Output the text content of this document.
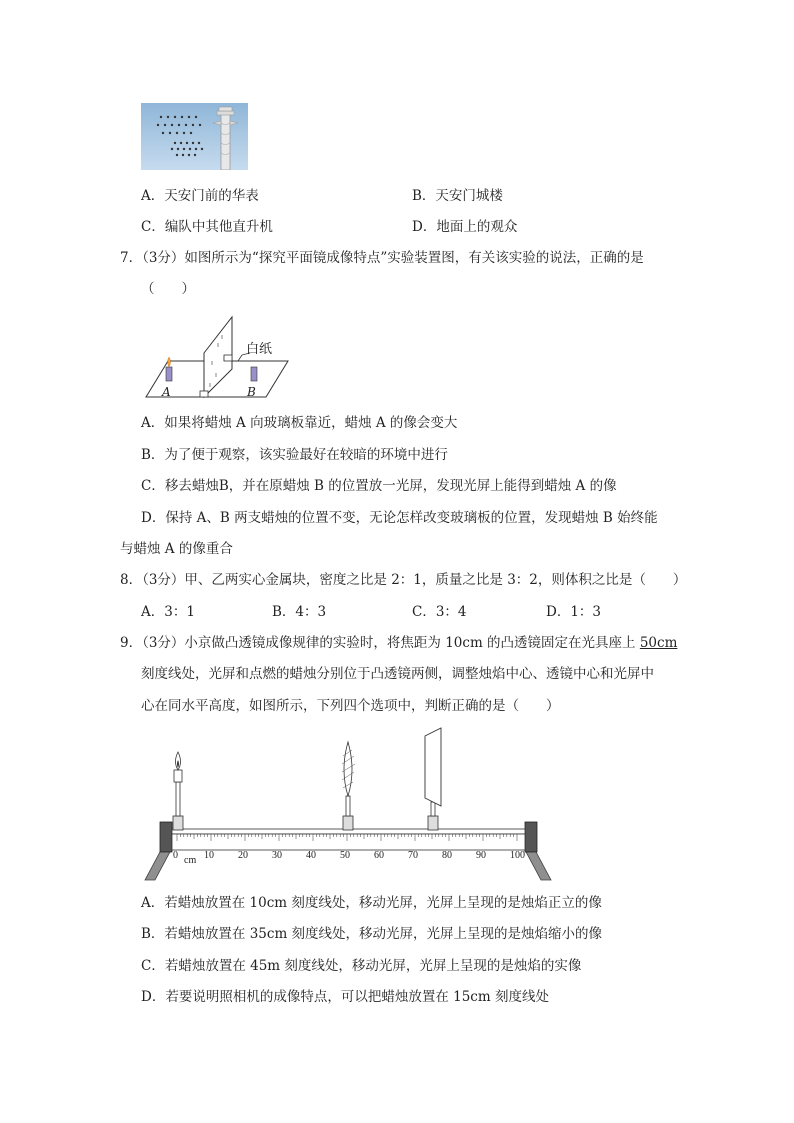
A．天安门前的华表	B．天安门城楼
C．编队中其他直升机	D．地面上的观众
7．（3分）如图所示为“探究平面镜成像特点”实验装置图，有关该实验的说法，正确的是
（　　）
白纸
A	B
A．如果将蜡烛 A 向玻璃板靠近，蜡烛 A 的像会变大
B．为了便于观察，该实验最好在较暗的环境中进行
C．移去蜡烛B，并在原蜡烛 B 的位置放一光屏，发现光屏上能得到蜡烛 A 的像
D．保持 A、B 两支蜡烛的位置不变，无论怎样改变玻璃板的位置，发现蜡烛 B 始终能
与蜡烛 A 的像重合
8．（3分）甲、乙两实心金属块，密度之比是 2：1，质量之比是 3：2，则体积之比是（　　）
A．3：1	B．4：3	C．3：4	D．1：3
9．（3分）小京做凸透镜成像规律的实验时，将焦距为 10cm 的凸透镜固定在光具座上 50cm
刻度线处，光屏和点燃的蜡烛分别位于凸透镜两侧，调整烛焰中心、透镜中心和光屏中
心在同水平高度，如图所示，下列四个选项中，判断正确的是（　　）
cm 10 20 30 40 50 60 70 80 90 100
0
A．若蜡烛放置在 10cm 刻度线处，移动光屏，光屏上呈现的是烛焰正立的像
B．若蜡烛放置在 35cm 刻度线处，移动光屏，光屏上呈现的是烛焰缩小的像
C．若蜡烛放置在 45m 刻度线处，移动光屏，光屏上呈现的是烛焰的实像
D．若要说明照相机的成像特点，可以把蜡烛放置在 15cm 刻度线处
